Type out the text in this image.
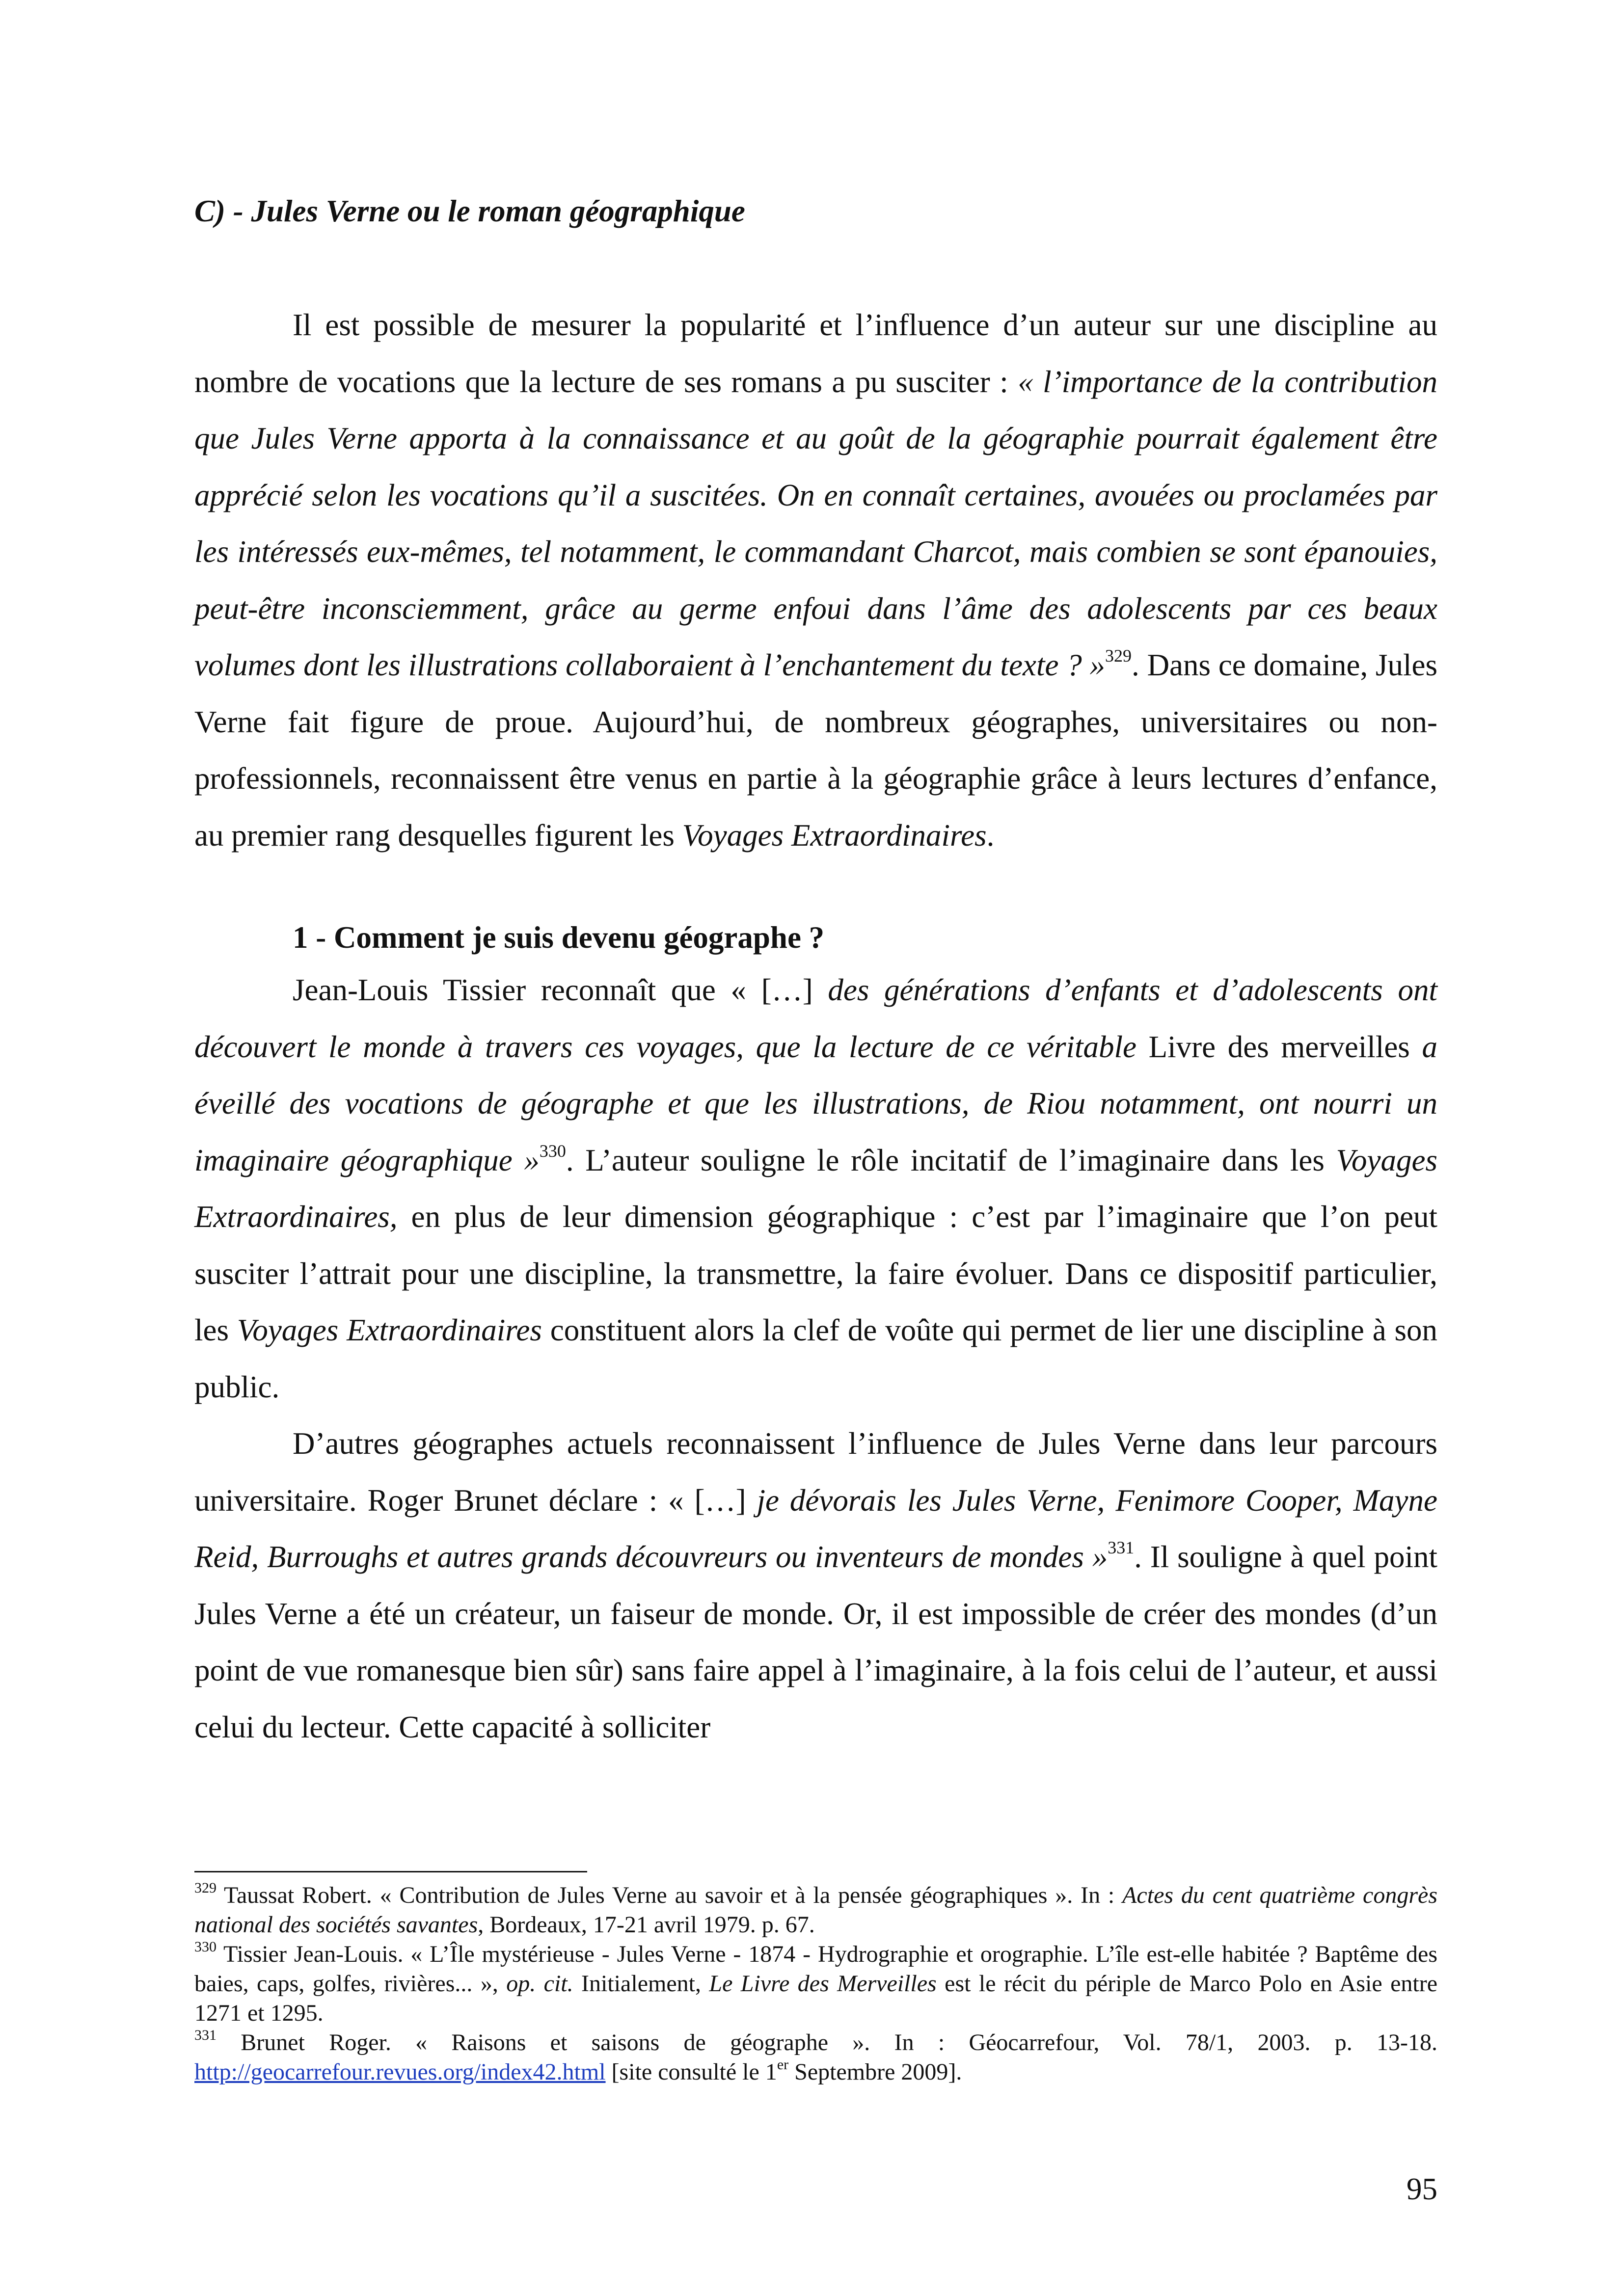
C) - Jules Verne ou le roman géographique

Il est possible de mesurer la popularité et l’influence d’un auteur sur une discipline au nombre de vocations que la lecture de ses romans a pu susciter : « l’importance de la contribution que Jules Verne apporta à la connaissance et au goût de la géographie pourrait également être apprécié selon les vocations qu’il a suscitées. On en connaît certaines, avouées ou proclamées par les intéressés eux-mêmes, tel notamment, le commandant Charcot, mais combien se sont épanouies, peut-être inconsciemment, grâce au germe enfoui dans l’âme des adolescents par ces beaux volumes dont les illustrations collaboraient à l’enchantement du texte ? »$^{329}$. Dans ce domaine, Jules Verne fait figure de proue. Aujourd’hui, de nombreux géographes, universitaires ou non-professionnels, reconnaissent être venus en partie à la géographie grâce à leurs lectures d’enfance, au premier rang desquelles figurent les Voyages Extraordinaires.

1 - Comment je suis devenu géographe ?

Jean-Louis Tissier reconnaît que « […] des générations d’enfants et d’adolescents ont découvert le monde à travers ces voyages, que la lecture de ce véritable Livre des merveilles a éveillé des vocations de géographe et que les illustrations, de Riou notamment, ont nourri un imaginaire géographique »$^{330}$. L’auteur souligne le rôle incitatif de l’imaginaire dans les Voyages Extraordinaires, en plus de leur dimension géographique : c’est par l’imaginaire que l’on peut susciter l’attrait pour une discipline, la transmettre, la faire évoluer. Dans ce dispositif particulier, les Voyages Extraordinaires constituent alors la clef de voûte qui permet de lier une discipline à son public.

D’autres géographes actuels reconnaissent l’influence de Jules Verne dans leur parcours universitaire. Roger Brunet déclare : « […] je dévorais les Jules Verne, Fenimore Cooper, Mayne Reid, Burroughs et autres grands découvreurs ou inventeurs de mondes »$^{331}$. Il souligne à quel point Jules Verne a été un créateur, un faiseur de monde. Or, il est impossible de créer des mondes (d’un point de vue romanesque bien sûr) sans faire appel à l’imaginaire, à la fois celui de l’auteur, et aussi celui du lecteur. Cette capacité à solliciter

$^{329}$ Taussat Robert. « Contribution de Jules Verne au savoir et à la pensée géographiques ». In : Actes du cent quatrième congrès national des sociétés savantes, Bordeaux, 17-21 avril 1979. p. 67.

$^{330}$ Tissier Jean-Louis. « L’Île mystérieuse - Jules Verne - 1874 - Hydrographie et orographie. L’île est-elle habitée ? Baptême des baies, caps, golfes, rivières... », op. cit. Initialement, Le Livre des Merveilles est le récit du périple de Marco Polo en Asie entre 1271 et 1295.

$^{331}$ Brunet Roger. « Raisons et saisons de géographe ». In : Géocarrefour, Vol. 78/1, 2003. p. 13-18. http://geocarrefour.revues.org/index42.html [site consulté le 1er Septembre 2009].

95
